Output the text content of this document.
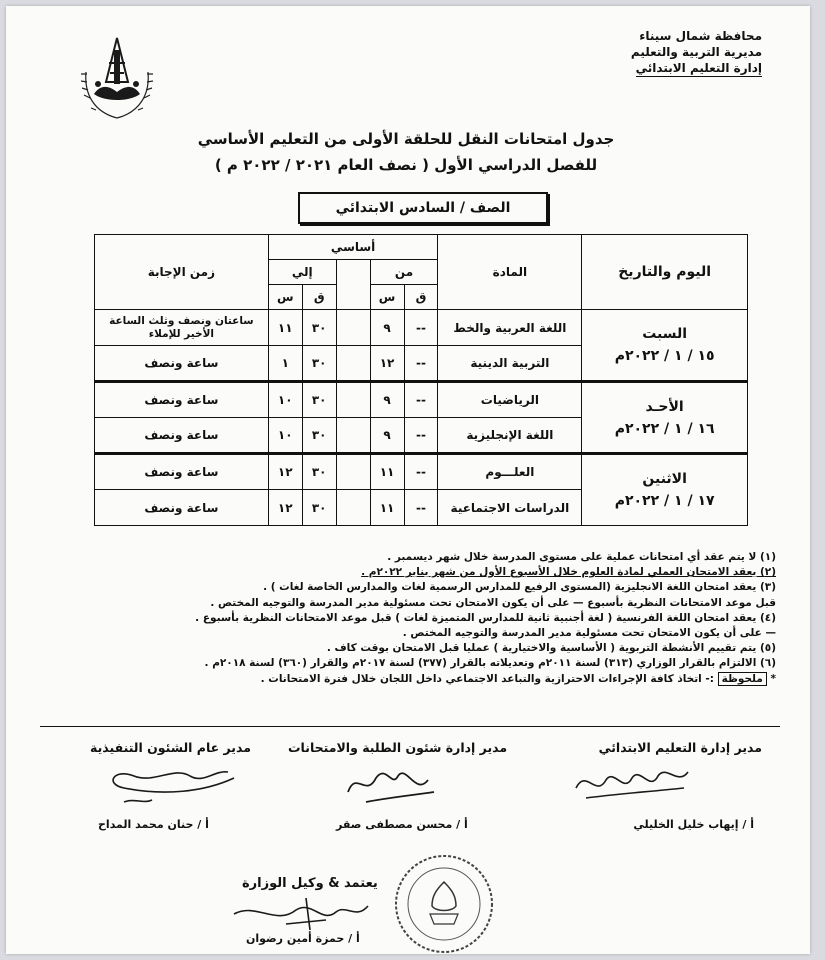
محافظة شمال سيناء
مديرية التربية والتعليم
إدارة التعليم الابتدائي
جدول امتحانات النقل للحلقة الأولى من التعليم الأساسي
للفصل الدراسي الأول ( نصف العام ٢٠٢١ / ٢٠٢٢ م )
الصف / السادس الابتدائي
اليوم والتاريخ	المادة	أساسي					زمن الإجابة
		من			إلي		
		ق	س		ق	س	

السبت
١٥ / ١ / ٢٠٢٢م	اللغة العربية والخط	--	٩		٣٠	١١	ساعتان ونصف وثلث الساعة الأخير للإملاء
	التربية الدينية	--	١٢		٣٠	١	ساعة ونصف

الأحـد
١٦ / ١ / ٢٠٢٢م	الرياضيات	--	٩		٣٠	١٠	ساعة ونصف
	اللغة الإنجليزية	--	٩		٣٠	١٠	ساعة ونصف

الاثنين
١٧ / ١ / ٢٠٢٢م	العلـــوم	--	١١		٣٠	١٢	ساعة ونصف
	الدراسات الاجتماعية	--	١١		٣٠	١٢	ساعة ونصف
(١) لا يتم عقد أي امتحانات عملية على مستوى المدرسة خلال شهر ديسمبر .
(٢) يعقد الامتحان العملي لمادة العلوم خلال الأسبوع الأول من شهر يناير ٢٠٢٢م .
(٣) يعقد امتحان اللغة الانجليزية (المستوى الرفيع للمدارس الرسمية لغات والمدارس الخاصة لغات ) .
قبل موعد الامتحانات النظرية بأسبوع — على أن يكون الامتحان تحت مسئولية مدير المدرسة والتوجيه المختص .
(٤) يعقد امتحان اللغة الفرنسية ( لغة أجنبية ثانية للمدارس المتميزة لغات ) قبل موعد الامتحانات النظرية بأسبوع .
— على أن يكون الامتحان تحت مسئولية مدير المدرسة والتوجيه المختص .
(٥) يتم تقييم الأنشطة التربوية ( الأساسية والاختيارية ) عمليا قبل الامتحان بوقت كاف .
(٦) الالتزام بالقرار الوزاري (٣١٣) لسنة ٢٠١١م وتعديلاته بالقرار (٣٧٧) لسنة ٢٠١٧م والقرار (٣٦٠) لسنة ٢٠١٨م .
* ملحوظة :- اتخاذ كافة الإجراءات الاحترازية والتباعد الاجتماعي داخل اللجان خلال فترة الامتحانات .
مدير إدارة التعليم الابتدائي
مدير إدارة شئون الطلبة والامتحانات
مدير عام الشئون التنفيذية
أ / إيهاب خليل الخليلي
أ / محسن مصطفى صقر
أ / حنان محمد المداح
يعتمد & وكيل الوزارة
أ / حمزة أمين رضوان
